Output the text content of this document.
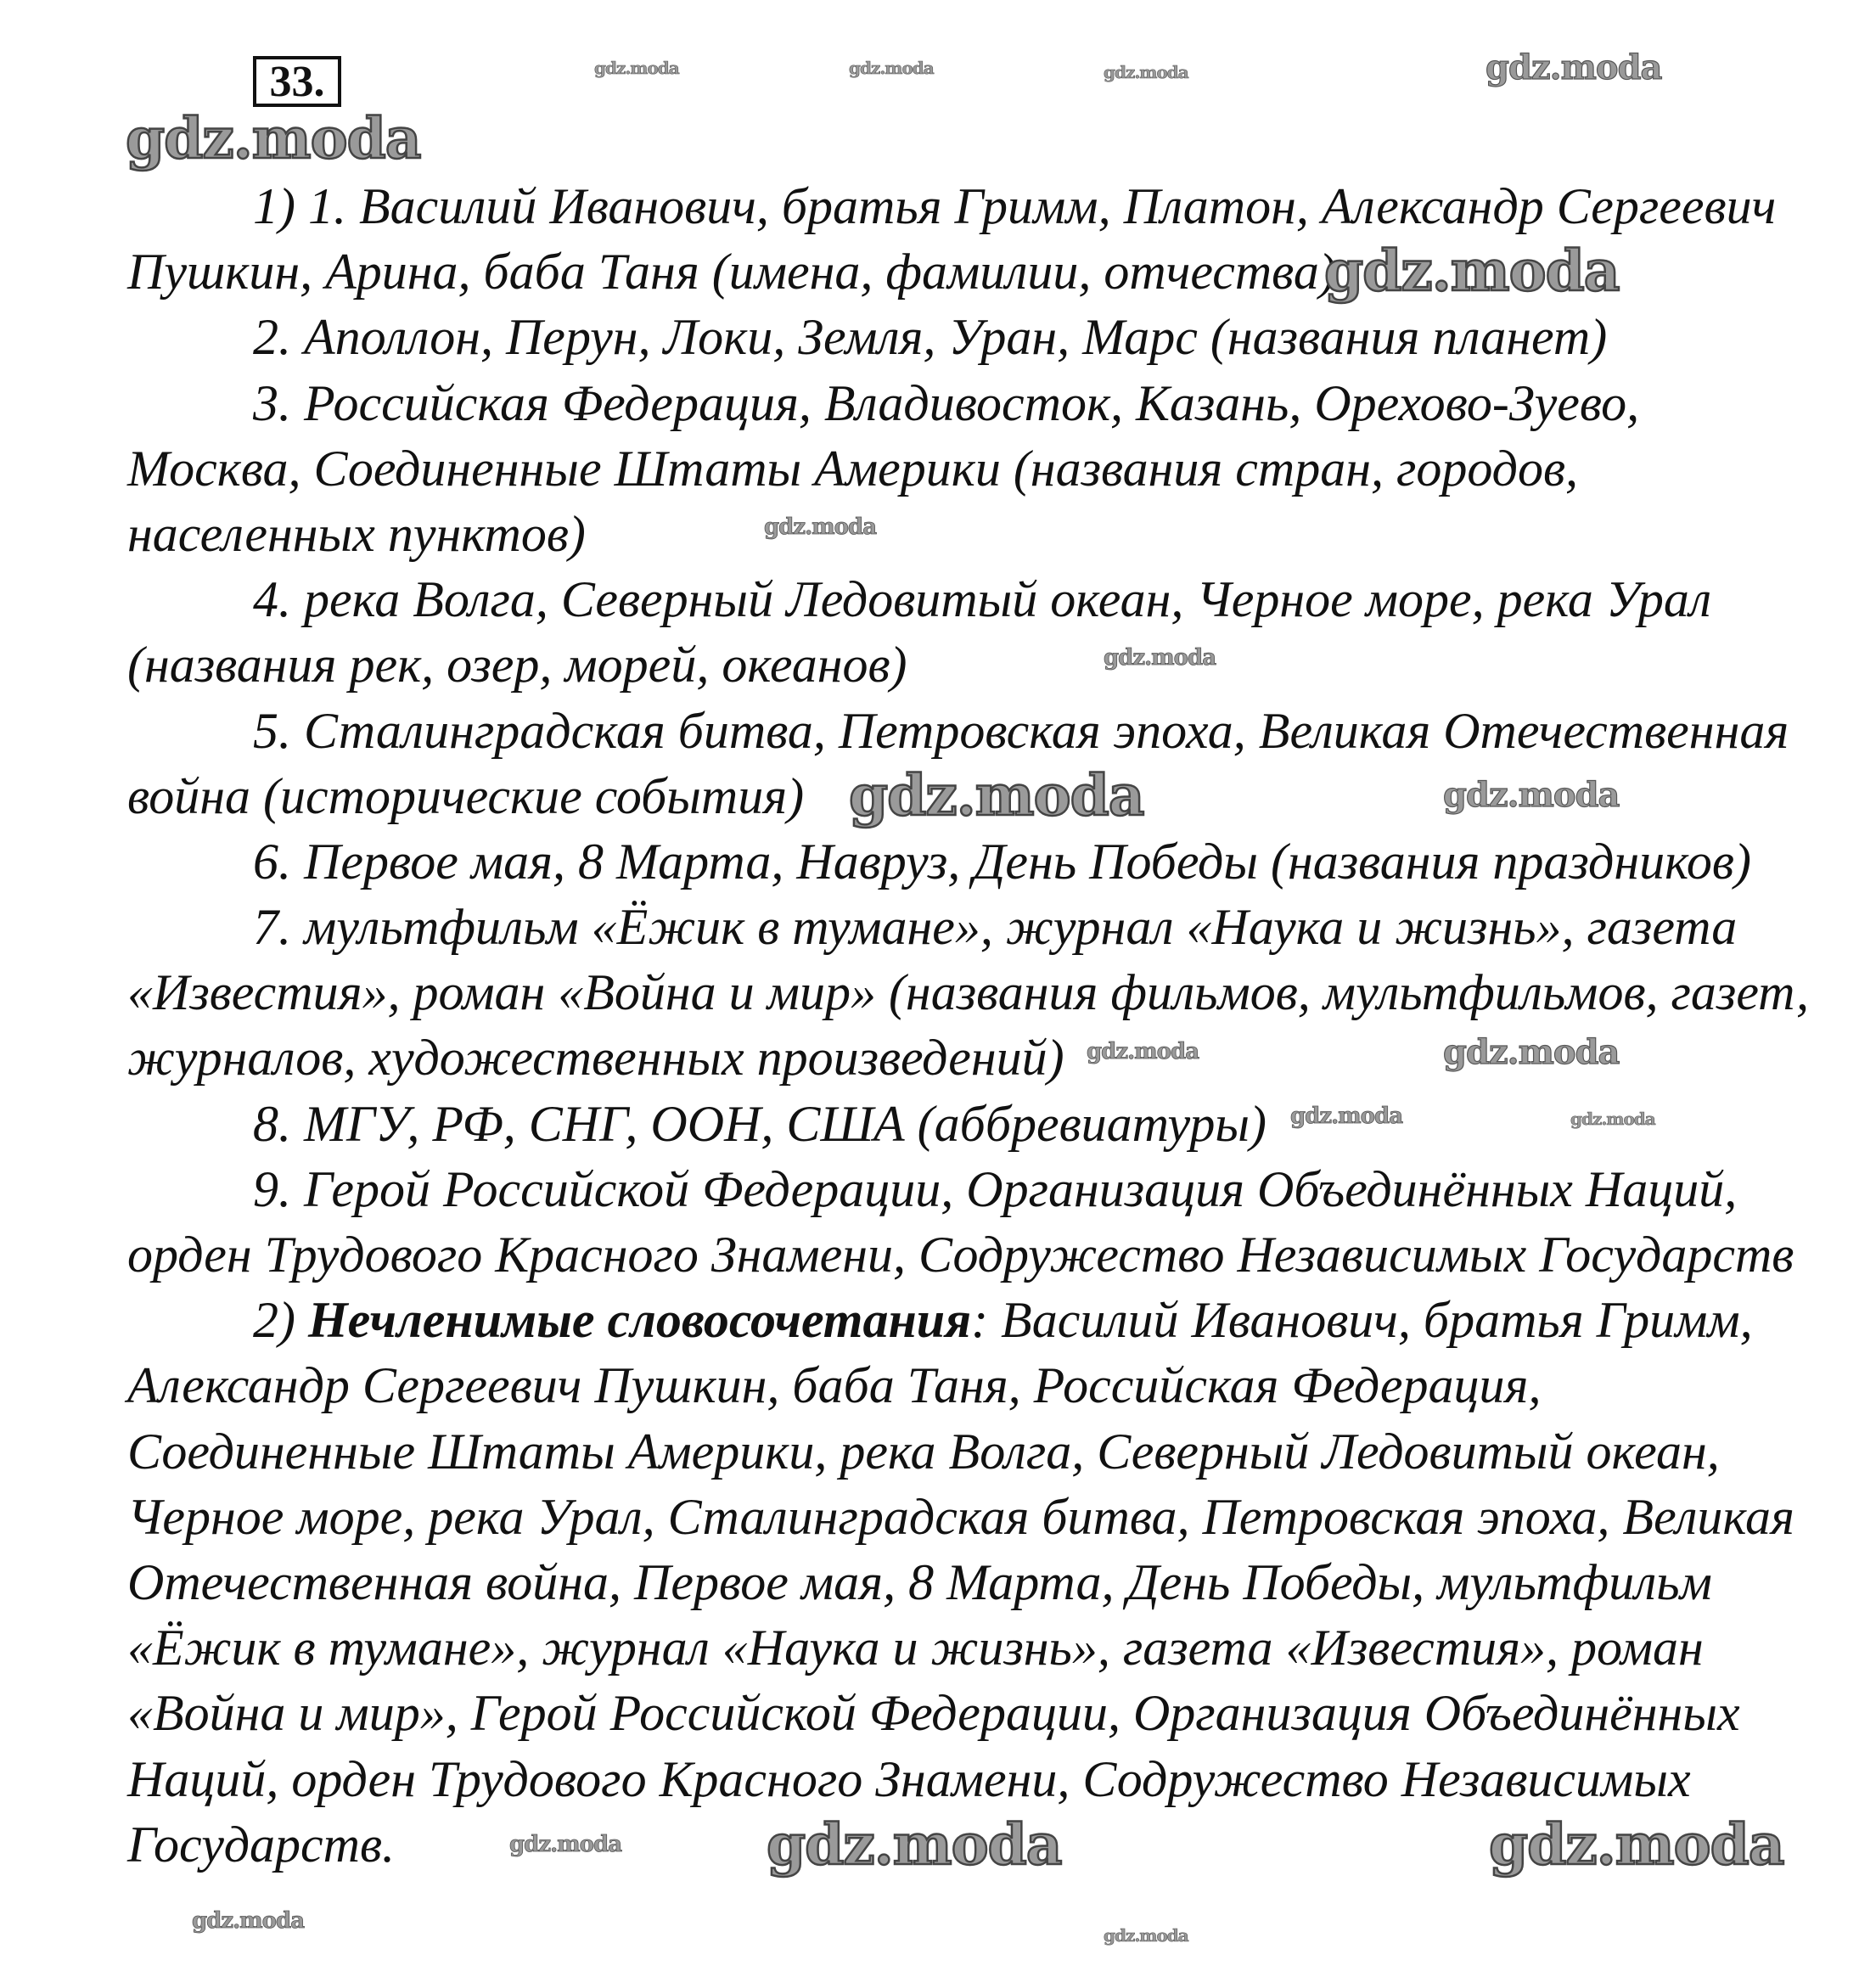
33.
1) 1. Василий Иванович, братья Гримм, Платон, Александр Сергеевич
Пушкин, Арина, баба Таня (имена, фамилии, отчества)
2. Аполлон, Перун, Локи, Земля, Уран, Марс (названия планет)
3. Российская Федерация, Владивосток, Казань, Орехово-Зуево,
Москва, Соединенные Штаты Америки (названия стран, городов,
населенных пунктов)
4. река Волга, Северный Ледовитый океан, Черное море, река Урал
(названия рек, озер, морей, океанов)
5. Сталинградская битва, Петровская эпоха, Великая Отечественная
война (исторические события)
6. Первое мая, 8 Марта, Навруз, День Победы (названия праздников)
7. мультфильм «Ёжик в тумане», журнал «Наука и жизнь», газета
«Известия», роман «Война и мир» (названия фильмов, мультфильмов, газет,
журналов, художественных произведений)
8. МГУ, РФ, СНГ, ООН, США (аббревиатуры)
9. Герой Российской Федерации, Организация Объединённых Наций,
орден Трудового Красного Знамени, Содружество Независимых Государств
2) Нечленимые словосочетания: Василий Иванович, братья Гримм,
Александр Сергеевич Пушкин, баба Таня, Российская Федерация,
Соединенные Штаты Америки, река Волга, Северный Ледовитый океан,
Черное море, река Урал, Сталинградская битва, Петровская эпоха, Великая
Отечественная война, Первое мая, 8 Марта, День Победы, мультфильм
«Ёжик в тумане», журнал «Наука и жизнь», газета «Известия», роман
«Война и мир», Герой Российской Федерации, Организация Объединённых
Наций, орден Трудового Красного Знамени, Содружество Независимых
Государств.
gdz.moda
gdz.moda
gdz.moda	gdz.moda
gdz.moda	gdz.moda
gdz.moda
gdz.moda
gdz.moda
gdz.moda
gdz.moda
gdz.moda
gdz.moda	gdz.moda
gdz.moda
gdz.moda	gdz.moda
gdz.moda
gdz.moda
